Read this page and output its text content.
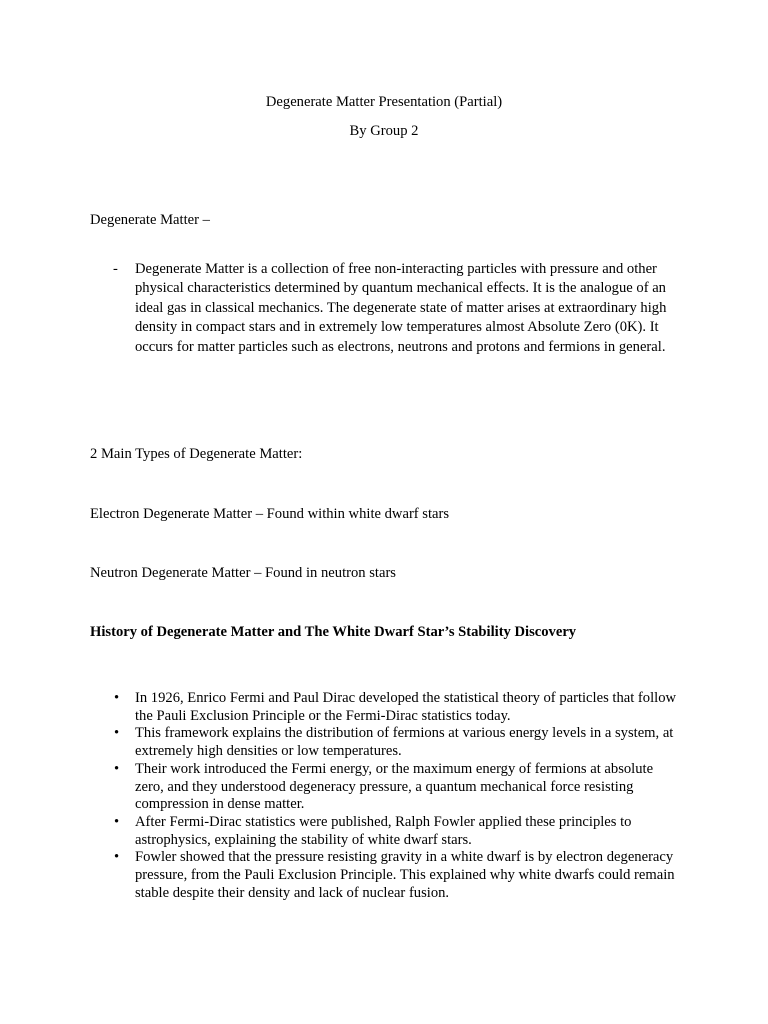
Degenerate Matter Presentation (Partial)
By Group 2
Degenerate Matter –
- Degenerate Matter is a collection of free non-interacting particles with pressure and other physical characteristics determined by quantum mechanical effects. It is the analogue of an ideal gas in classical mechanics. The degenerate state of matter arises at extraordinary high density in compact stars and in extremely low temperatures almost Absolute Zero (0K). It occurs for matter particles such as electrons, neutrons and protons and fermions in general.
2 Main Types of Degenerate Matter:
Electron Degenerate Matter – Found within white dwarf stars
Neutron Degenerate Matter – Found in neutron stars
History of Degenerate Matter and The White Dwarf Star’s Stability Discovery
• In 1926, Enrico Fermi and Paul Dirac developed the statistical theory of particles that follow the Pauli Exclusion Principle or the Fermi-Dirac statistics today.
• This framework explains the distribution of fermions at various energy levels in a system, at extremely high densities or low temperatures.
• Their work introduced the Fermi energy, or the maximum energy of fermions at absolute zero, and they understood degeneracy pressure, a quantum mechanical force resisting compression in dense matter.
• After Fermi-Dirac statistics were published, Ralph Fowler applied these principles to astrophysics, explaining the stability of white dwarf stars.
• Fowler showed that the pressure resisting gravity in a white dwarf is by electron degeneracy pressure, from the Pauli Exclusion Principle. This explained why white dwarfs could remain stable despite their density and lack of nuclear fusion.
